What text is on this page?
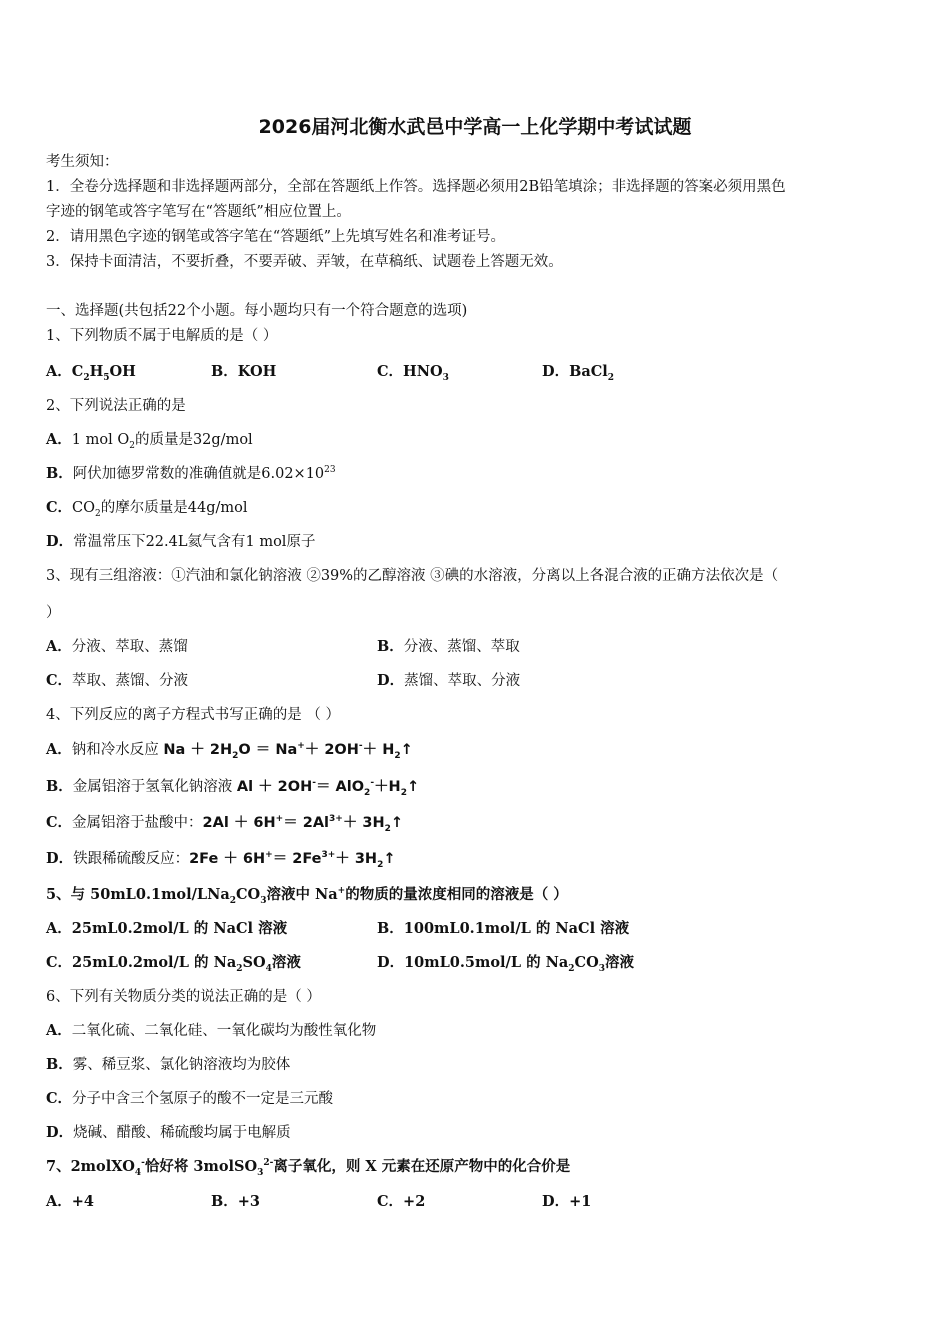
2026届河北衡水武邑中学高一上化学期中考试试题
考生须知：
1．全卷分选择题和非选择题两部分，全部在答题纸上作答。选择题必须用2B铅笔填涂；非选择题的答案必须用黑色
字迹的钢笔或答字笔写在“答题纸”相应位置上。
2．请用黑色字迹的钢笔或答字笔在“答题纸”上先填写姓名和准考证号。
3．保持卡面清洁，不要折叠，不要弄破、弄皱，在草稿纸、试题卷上答题无效。
一、选择题(共包括22个小题。每小题均只有一个符合题意的选项)
1、下列物质不属于电解质的是（ ）
A．$C_2H_5OH$	B．KOH	C．$HNO_3$	D．BaCl$_2$
2、下列说法正确的是
A．1 mol $O_2$的质量是32g/mol
B．阿伏加德罗常数的准确值就是$6.02\times 10^{23}$
C．$CO_2$的摩尔质量是44g/mol
D．常温常压下22.4L氦气含有1 mol原子
3、现有三组溶液：①汽油和氯化钠溶液 ②39%的乙醇溶液 ③碘的水溶液，分离以上各混合液的正确方法依次是（
）
A．分液、萃取、蒸馏	B．分液、蒸馏、萃取
C．萃取、蒸馏、分液	D．蒸馏、萃取、分液
4、下列反应的离子方程式书写正确的是 （ ）
A．钠和冷水反应 $Na + 2H_2O = Na^++ 2OH^-+$ $H_2↑$
B．金属铝溶于氢氧化钠溶液 $Al + 2OH^-= AlO_2^-+H_2↑$
C．金属铝溶于盐酸中：$2Al + 6H^+= 2Al^{3+}+$ $3H_2↑$
D．铁跟稀硫酸反应：$2Fe + 6H^+= 2Fe^{3+}+$ $3H_2↑$
5、与 $50mL0.1mol/LNa_2CO_3$溶液中 Na+的物质的量浓度相同的溶液是（ ）
A．25mL0.2mol/L 的 NaCl 溶液	B．100mL0.1mol/L 的 NaCl 溶液
C．25mL0.2mol/L 的 $Na_2SO_4$溶液	D．10mL0.5mol/L 的 $Na_2CO_3$溶液
6、下列有关物质分类的说法正确的是（ ）
A．二氧化硫、二氧化硅、一氧化碳均为酸性氧化物
B．雾、稀豆浆、氯化钠溶液均为胶体
C．分子中含三个氢原子的酸不一定是三元酸
D．烧碱、醋酸、稀硫酸均属于电解质
7、2molXO$_4$-恰好将 3molSO$_3^{2-}$离子氧化，则 X 元素在还原产物中的化合价是
A．+4	B．+3	C．+2	D．+1
